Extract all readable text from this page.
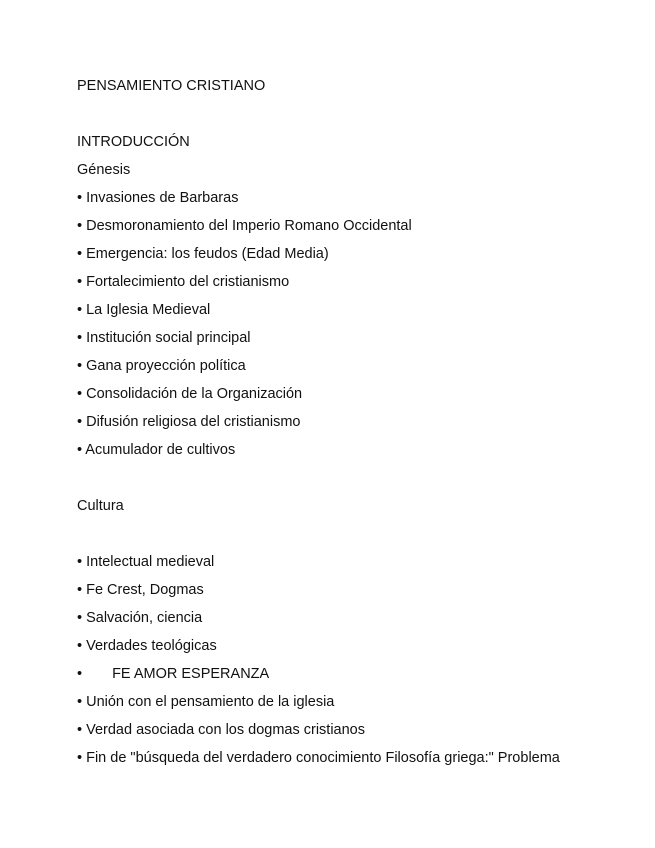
PENSAMIENTO CRISTIANO
INTRODUCCIÓN
Génesis
• Invasiones de Barbaras
• Desmoronamiento del Imperio Romano Occidental
• Emergencia: los feudos (Edad Media)
• Fortalecimiento del cristianismo
• La Iglesia Medieval
• Institución social principal
• Gana proyección política
• Consolidación de la Organización
• Difusión religiosa del cristianismo
• Acumulador de cultivos
Cultura
• Intelectual medieval
• Fe Crest, Dogmas
• Salvación, ciencia
• Verdades teológicas
• FE AMOR ESPERANZA
• Unión con el pensamiento de la iglesia
• Verdad asociada con los dogmas cristianos
• Fin de "búsqueda del verdadero conocimiento Filosofía griega:" Problema
